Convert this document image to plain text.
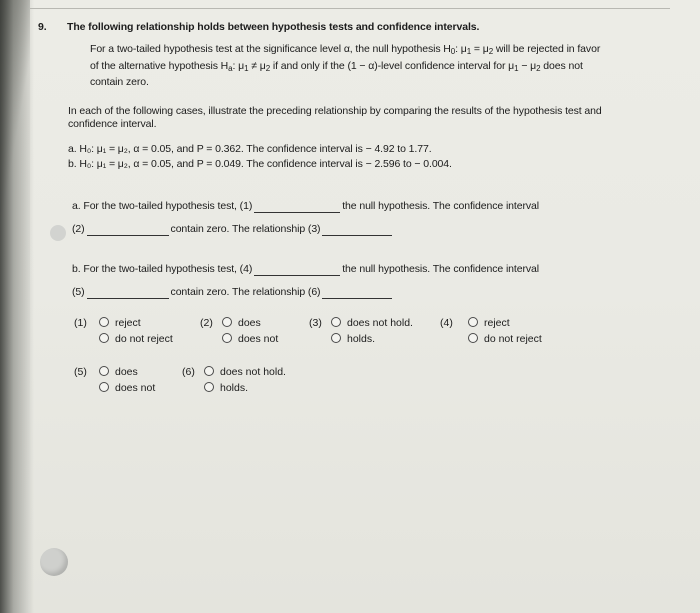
9. The following relationship holds between hypothesis tests and confidence intervals.
For a two-tailed hypothesis test at the significance level α, the null hypothesis $H_0$: $\mu_1 = \mu_2$ will be rejected in favor
of the alternative hypothesis $H_a$: $\mu_1 \ne \mu_2$ if and only if the (1 − α)-level confidence interval for $\mu_1 - \mu_2$ does not
contain zero.
In each of the following cases, illustrate the preceding relationship by comparing the results of the hypothesis test and
confidence interval.
a. H₀: μ₁ = μ₂, α = 0.05, and P = 0.362. The confidence interval is − 4.92 to 1.77.
b. H₀: μ₁ = μ₂, α = 0.05, and P = 0.049. The confidence interval is − 2.596 to − 0.004.
a. For the two-tailed hypothesis test, (1)	the null hypothesis. The confidence interval
(2)	contain zero. The relationship (3)
b. For the two-tailed hypothesis test, (4)	the null hypothesis. The confidence interval
(5)	contain zero. The relationship (6)
(1)	reject
do not reject
(2)	does
does not
(3)	does not hold.
holds.
(4)	reject
do not reject
(5)	does
does not
(6)	does not hold.
holds.
